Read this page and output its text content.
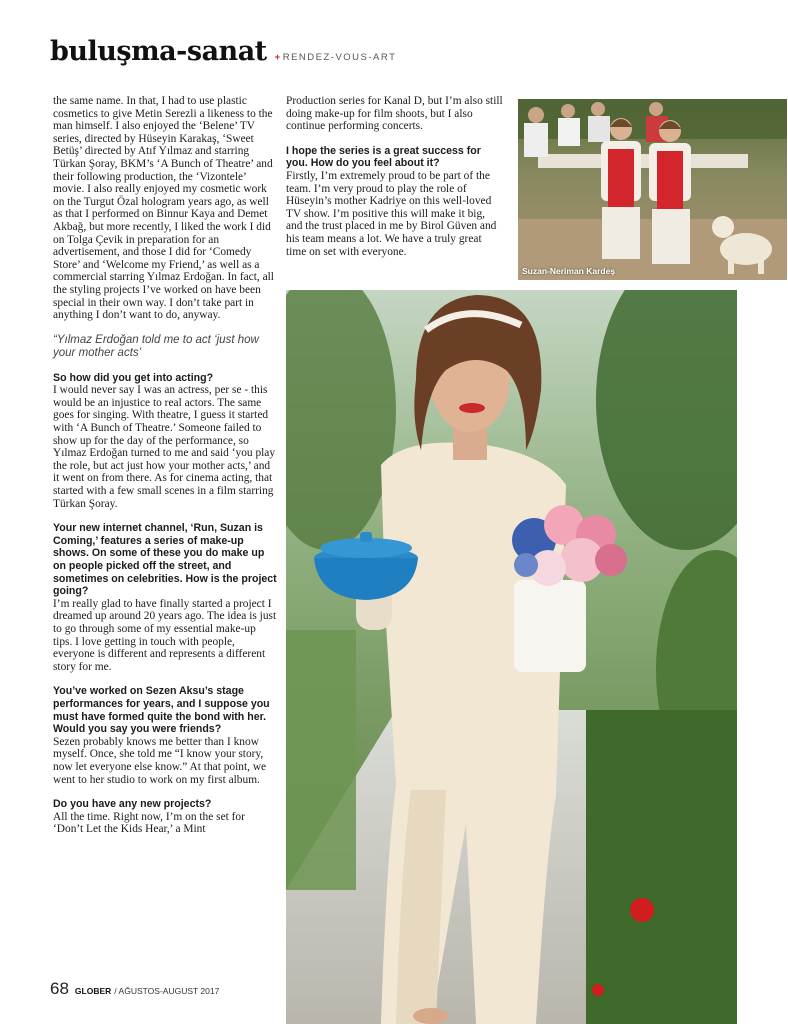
buluşma-sanat +RENDEZ-VOUS-ART

the same name. In that, I had to use plastic cosmetics to give Metin Serezli a likeness to the man himself. I also enjoyed the ‘Belene’ TV series, directed by Hüseyin Karakaş, ‘Sweet Betüş’ directed by Atıf Yılmaz and starring Türkan Şoray, BKM’s ‘A Bunch of Theatre’ and their following production, the ‘Vizontele’ movie. I also really enjoyed my cosmetic work on the Turgut Özal hologram years ago, as well as that I performed on Binnur Kaya and Demet Akbağ, but more recently, I liked the work I did on Tolga Çevik in preparation for an advertisement, and those I did for ‘Comedy Store’ and ‘Welcome my Friend,’ as well as a commercial starring Yılmaz Erdoğan. In fact, all the styling projects I’ve worked on have been special in their own way. I don’t take part in anything I don’t want to do, anyway.

“Yılmaz Erdoğan told me to act ‘just how your mother acts’

So how did you get into acting?
I would never say I was an actress, per se - this would be an injustice to real actors. The same goes for singing. With theatre, I guess it started with ‘A Bunch of Theatre.’ Someone failed to show up for the day of the performance, so Yılmaz Erdoğan turned to me and said ‘you play the role, but act just how your mother acts,’ and it went on from there. As for cinema acting, that started with a few small scenes in a film starring Türkan Şoray.

Your new internet channel, ‘Run, Suzan is Coming,’ features a series of make-up shows. On some of these you do make up on people picked off the street, and sometimes on celebrities. How is the project going?
I’m really glad to have finally started a project I dreamed up around 20 years ago. The idea is just to go through some of my essential make-up tips. I love getting in touch with people, everyone is different and represents a different story for me.

You’ve worked on Sezen Aksu’s stage performances for years, and I suppose you must have formed quite the bond with her. Would you say you were friends?
Sezen probably knows me better than I know myself. Once, she told me “I know your story, now let everyone else know.” At that point, we went to her studio to work on my first album.

Do you have any new projects?
All the time. Right now, I’m on the set for ‘Don’t Let the Kids Hear,’ a Mint

Production series for Kanal D, but I’m also still doing make-up for film shoots, but I also continue performing concerts.

I hope the series is a great success for you. How do you feel about it?
Firstly, I’m extremely proud to be part of the team. I’m very proud to play the role of Hüseyin’s mother Kadriye on this well-loved TV show. I’m positive this will make it big, and the trust placed in me by Birol Güven and his team means a lot. We have a truly great time on set with everyone.

Suzan-Neriman Kardeş
68 GLOBER / AĞUSTOS-AUGUST 2017
